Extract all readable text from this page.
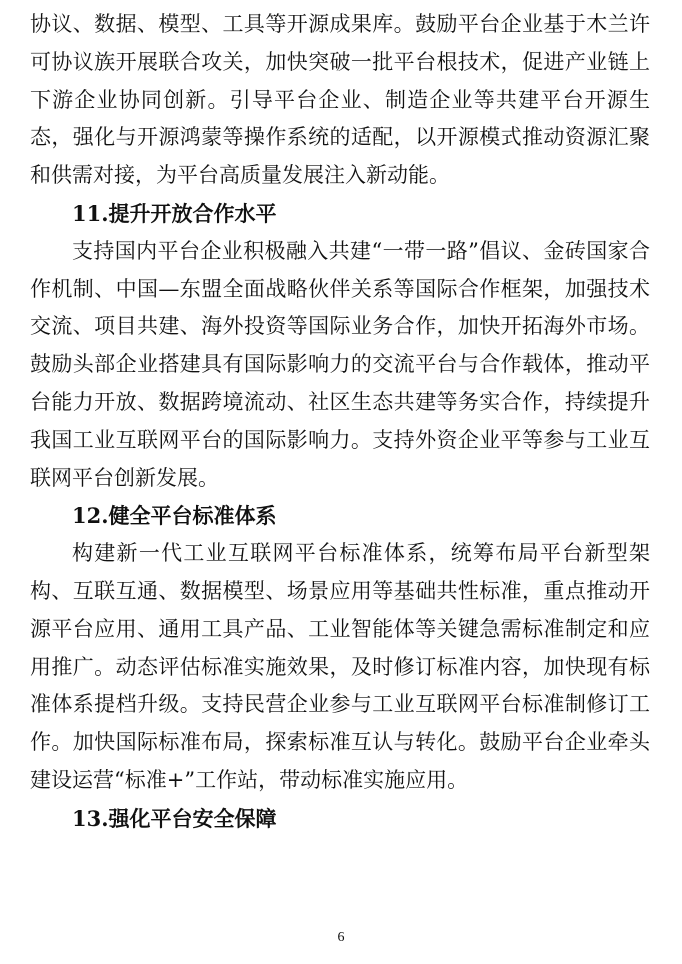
协议、数据、模型、工具等开源成果库。鼓励平台企业基于木兰许可协议族开展联合攻关，加快突破一批平台根技术，促进产业链上下游企业协同创新。引导平台企业、制造企业等共建平台开源生态，强化与开源鸿蒙等操作系统的适配，以开源模式推动资源汇聚和供需对接，为平台高质量发展注入新动能。

11.提升开放合作水平

支持国内平台企业积极融入共建“一带一路”倡议、金砖国家合作机制、中国—东盟全面战略伙伴关系等国际合作框架，加强技术交流、项目共建、海外投资等国际业务合作，加快开拓海外市场。鼓励头部企业搭建具有国际影响力的交流平台与合作载体，推动平台能力开放、数据跨境流动、社区生态共建等务实合作，持续提升我国工业互联网平台的国际影响力。支持外资企业平等参与工业互联网平台创新发展。

12.健全平台标准体系

构建新一代工业互联网平台标准体系，统筹布局平台新型架构、互联互通、数据模型、场景应用等基础共性标准，重点推动开源平台应用、通用工具产品、工业智能体等关键急需标准制定和应用推广。动态评估标准实施效果，及时修订标准内容，加快现有标准体系提档升级。支持民营企业参与工业互联网平台标准制修订工作。加快国际标准布局，探索标准互认与转化。鼓励平台企业牵头建设运营“标准+”工作站，带动标准实施应用。

13.强化平台安全保障

6
